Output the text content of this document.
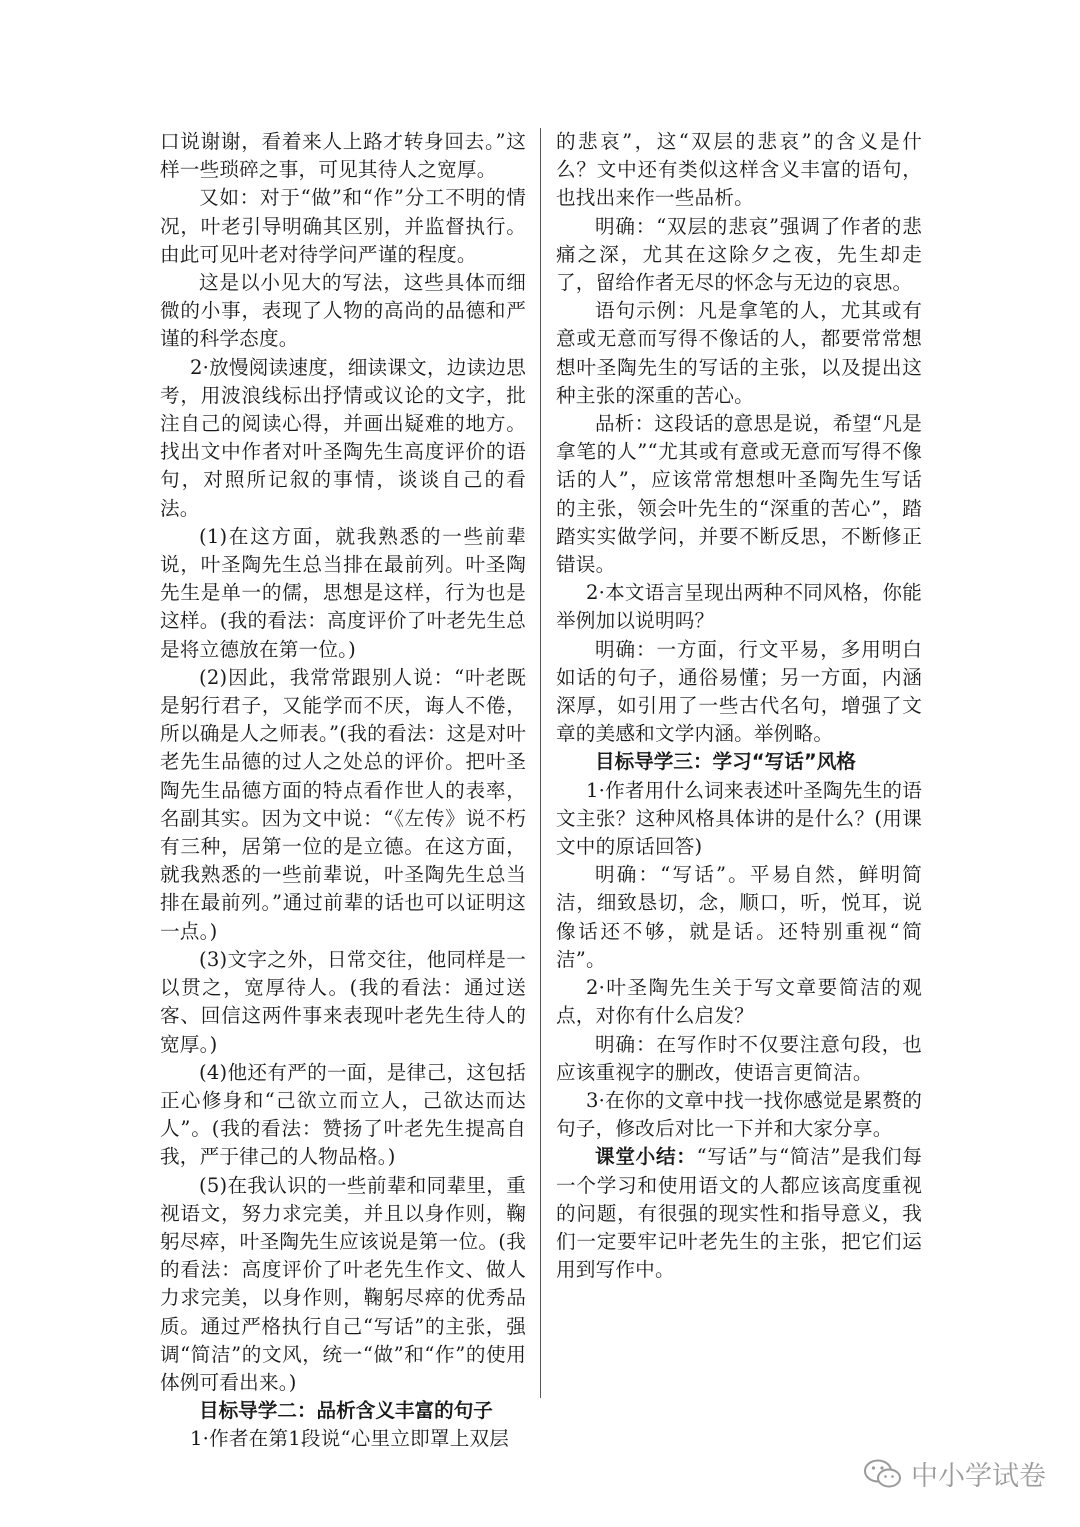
口说谢谢，看着来人上路才转身回去。”这样一些琐碎之事，可见其待人之宽厚。

又如：对于“做”和“作”分工不明的情况，叶老引导明确其区别，并监督执行。由此可见叶老对待学问严谨的程度。

这是以小见大的写法，这些具体而细微的小事，表现了人物的高尚的品德和严谨的科学态度。

2·放慢阅读速度，细读课文，边读边思考，用波浪线标出抒情或议论的文字，批注自己的阅读心得，并画出疑难的地方。找出文中作者对叶圣陶先生高度评价的语句，对照所记叙的事情，谈谈自己的看法。

(1)在这方面，就我熟悉的一些前辈说，叶圣陶先生总当排在最前列。叶圣陶先生是单一的儒，思想是这样，行为也是这样。(我的看法：高度评价了叶老先生总是将立德放在第一位。)

(2)因此，我常常跟别人说：“叶老既是躬行君子，又能学而不厌，诲人不倦，所以确是人之师表。”(我的看法：这是对叶老先生品德的过人之处总的评价。把叶圣陶先生品德方面的特点看作世人的表率，名副其实。因为文中说：“《左传》说不朽有三种，居第一位的是立德。在这方面，就我熟悉的一些前辈说，叶圣陶先生总当排在最前列。”通过前辈的话也可以证明这一点。)

(3)文字之外，日常交往，他同样是一以贯之，宽厚待人。(我的看法：通过送客、回信这两件事来表现叶老先生待人的宽厚。)

(4)他还有严的一面，是律己，这包括正心修身和“己欲立而立人，己欲达而达人”。(我的看法：赞扬了叶老先生提高自我，严于律己的人物品格。)

(5)在我认识的一些前辈和同辈里，重视语文，努力求完美，并且以身作则，鞠躬尽瘁，叶圣陶先生应该说是第一位。(我的看法：高度评价了叶老先生作文、做人力求完美，以身作则，鞠躬尽瘁的优秀品质。通过严格执行自己“写话”的主张，强调“简洁”的文风，统一“做”和“作”的使用体例可看出来。)

目标导学二：品析含义丰富的句子

1·作者在第1段说“心里立即罩上双层

的悲哀”，这“双层的悲哀”的含义是什么？文中还有类似这样含义丰富的语句，也找出来作一些品析。

明确：“双层的悲哀”强调了作者的悲痛之深，尤其在这除夕之夜，先生却走了，留给作者无尽的怀念与无边的哀思。

语句示例：凡是拿笔的人，尤其或有意或无意而写得不像话的人，都要常常想想叶圣陶先生的写话的主张，以及提出这种主张的深重的苦心。

品析：这段话的意思是说，希望“凡是拿笔的人”“尤其或有意或无意而写得不像话的人”，应该常常想想叶圣陶先生写话的主张，领会叶先生的“深重的苦心”，踏踏实实做学问，并要不断反思，不断修正错误。

2·本文语言呈现出两种不同风格，你能举例加以说明吗？

明确：一方面，行文平易，多用明白如话的句子，通俗易懂；另一方面，内涵深厚，如引用了一些古代名句，增强了文章的美感和文学内涵。举例略。

目标导学三：学习“写话”风格

1·作者用什么词来表述叶圣陶先生的语文主张？这种风格具体讲的是什么？(用课文中的原话回答)

明确：“写话”。平易自然，鲜明简洁，细致恳切，念，顺口，听，悦耳，说像话还不够，就是话。还特别重视“简洁”。

2·叶圣陶先生关于写文章要简洁的观点，对你有什么启发？

明确：在写作时不仅要注意句段，也应该重视字的删改，使语言更简洁。

3·在你的文章中找一找你感觉是累赘的句子，修改后对比一下并和大家分享。

课堂小结：“写话”与“简洁”是我们每一个学习和使用语文的人都应该高度重视的问题，有很强的现实性和指导意义，我们一定要牢记叶老先生的主张，把它们运用到写作中。

中小学试卷
